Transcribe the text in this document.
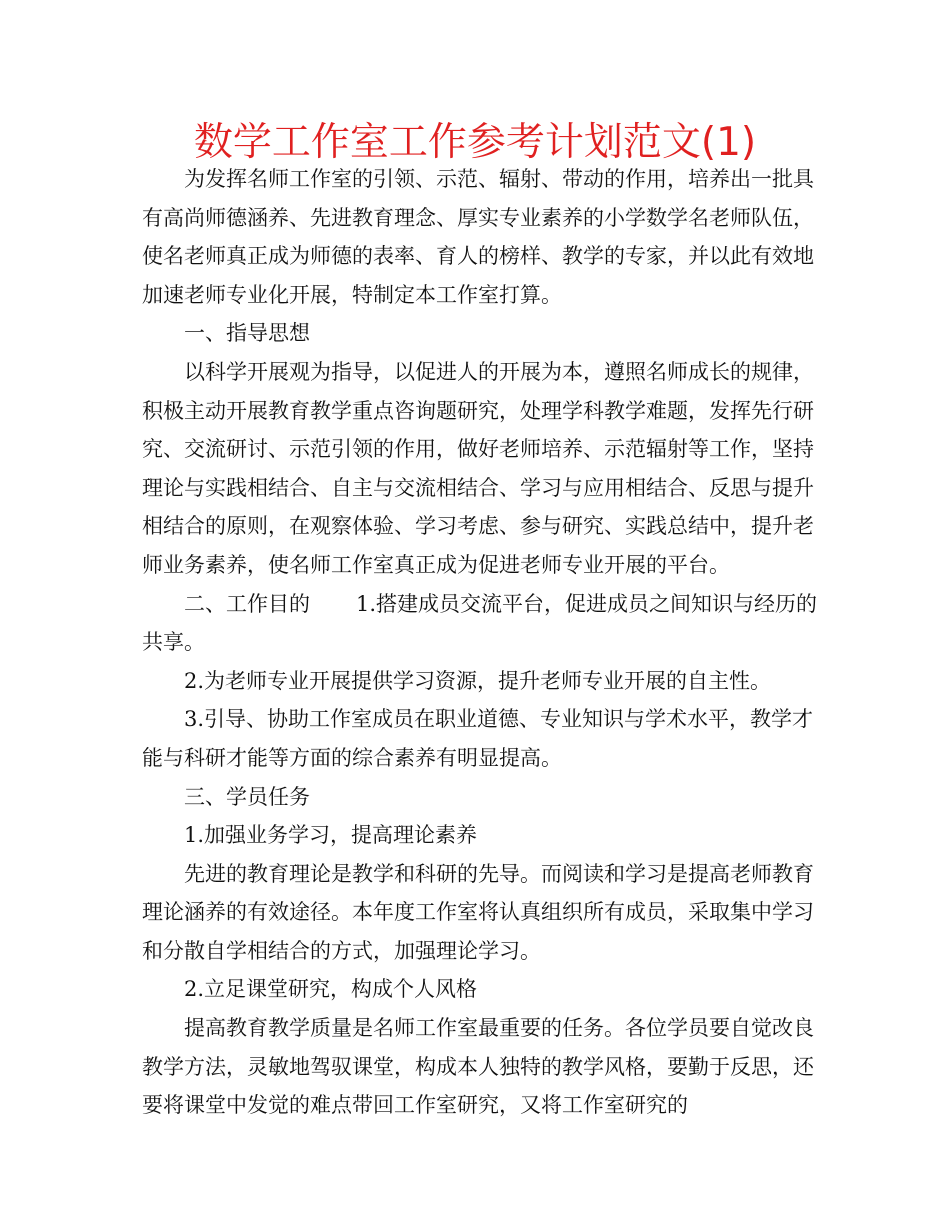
数学工作室工作参考计划范文(1)

为发挥名师工作室的引领、示范、辐射、带动的作用，培养出一批具有高尚师德涵养、先进教育理念、厚实专业素养的小学数学名老师队伍，使名老师真正成为师德的表率、育人的榜样、教学的专家，并以此有效地加速老师专业化开展，特制定本工作室打算。

一、指导思想

以科学开展观为指导，以促进人的开展为本，遵照名师成长的规律，积极主动开展教育教学重点咨询题研究，处理学科教学难题，发挥先行研究、交流研讨、示范引领的作用，做好老师培养、示范辐射等工作，坚持理论与实践相结合、自主与交流相结合、学习与应用相结合、反思与提升相结合的原则，在观察体验、学习考虑、参与研究、实践总结中，提升老师业务素养，使名师工作室真正成为促进老师专业开展的平台。

二、工作目的 1.搭建成员交流平台，促进成员之间知识与经历的共享。

2.为老师专业开展提供学习资源，提升老师专业开展的自主性。

3.引导、协助工作室成员在职业道德、专业知识与学术水平，教学才能与科研才能等方面的综合素养有明显提高。

三、学员任务

1.加强业务学习，提高理论素养

先进的教育理论是教学和科研的先导。而阅读和学习是提高老师教育理论涵养的有效途径。本年度工作室将认真组织所有成员，采取集中学习和分散自学相结合的方式，加强理论学习。

2.立足课堂研究，构成个人风格

提高教育教学质量是名师工作室最重要的任务。各位学员要自觉改良教学方法，灵敏地驾驭课堂，构成本人独特的教学风格，要勤于反思，还要将课堂中发觉的难点带回工作室研究，又将工作室研究的
